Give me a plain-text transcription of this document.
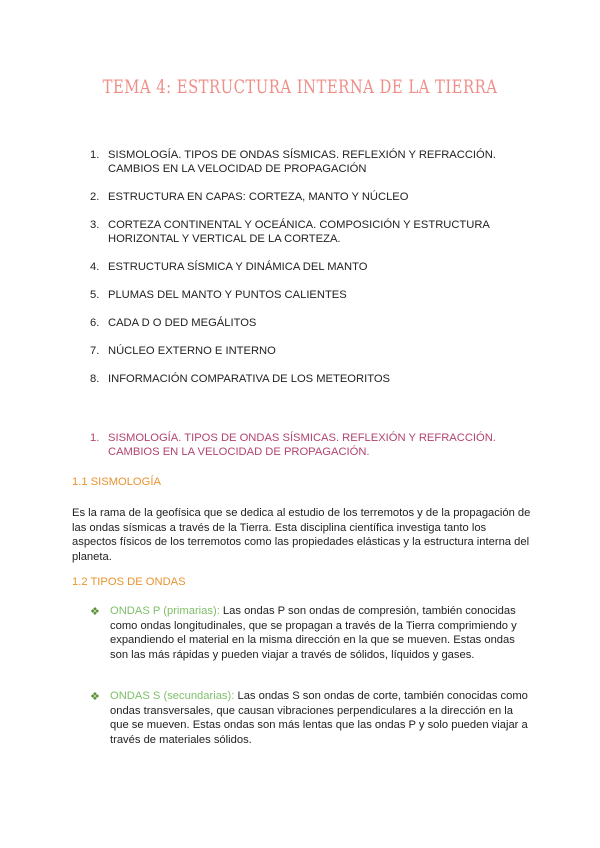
TEMA 4: ESTRUCTURA INTERNA DE LA TIERRA
1. SISMOLOGÍA. TIPOS DE ONDAS SÍSMICAS. REFLEXIÓN Y REFRACCIÓN. CAMBIOS EN LA VELOCIDAD DE PROPAGACIÓN
2. ESTRUCTURA EN CAPAS: CORTEZA, MANTO Y NÚCLEO
3. CORTEZA CONTINENTAL Y OCEÁNICA. COMPOSICIÓN Y ESTRUCTURA HORIZONTAL Y VERTICAL DE LA CORTEZA.
4. ESTRUCTURA SÍSMICA Y DINÁMICA DEL MANTO
5. PLUMAS DEL MANTO Y PUNTOS CALIENTES
6. CADA D O DED MEGÁLITOS
7. NÚCLEO EXTERNO E INTERNO
8. INFORMACIÓN COMPARATIVA DE LOS METEORITOS
1. SISMOLOGÍA. TIPOS DE ONDAS SÍSMICAS. REFLEXIÓN Y REFRACCIÓN. CAMBIOS EN LA VELOCIDAD DE PROPAGACIÓN.
1.1 SISMOLOGÍA

Es la rama de la geofísica que se dedica al estudio de los terremotos y de la propagación de las ondas sísmicas a través de la Tierra. Esta disciplina científica investiga tanto los aspectos físicos de los terremotos como las propiedades elásticas y la estructura interna del planeta.

1.2 TIPOS DE ONDAS
❖ ONDAS P (primarias): Las ondas P son ondas de compresión, también conocidas como ondas longitudinales, que se propagan a través de la Tierra comprimiendo y expandiendo el material en la misma dirección en la que se mueven. Estas ondas son las más rápidas y pueden viajar a través de sólidos, líquidos y gases.
❖ ONDAS S (secundarias): Las ondas S son ondas de corte, también conocidas como ondas transversales, que causan vibraciones perpendiculares a la dirección en la que se mueven. Estas ondas son más lentas que las ondas P y solo pueden viajar a través de materiales sólidos.
